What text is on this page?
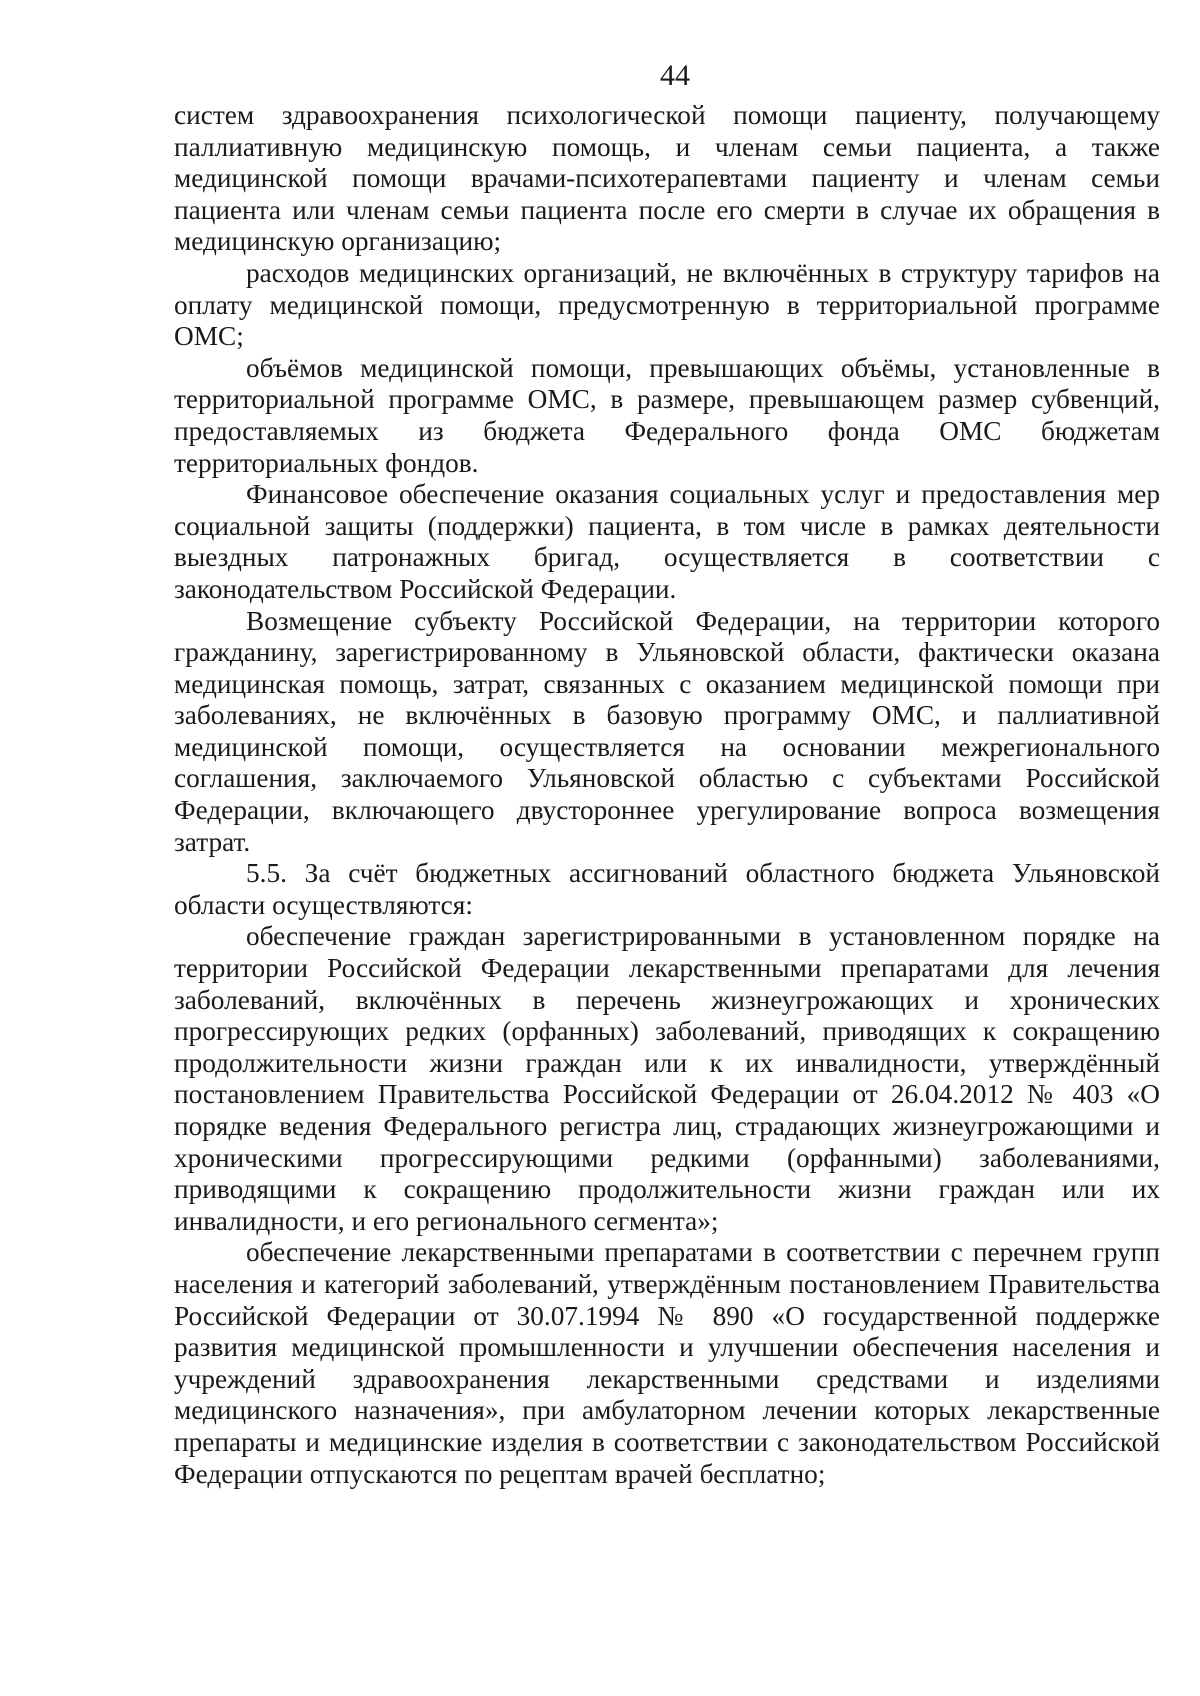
44

систем здравоохранения психологической помощи пациенту, получающему паллиативную медицинскую помощь, и членам семьи пациента, а также медицинской помощи врачами-психотерапевтами пациенту и членам семьи пациента или членам семьи пациента после его смерти в случае их обращения в медицинскую организацию;

расходов медицинских организаций, не включённых в структуру тарифов на оплату медицинской помощи, предусмотренную в территориальной программе ОМС;

объёмов медицинской помощи, превышающих объёмы, установленные в территориальной программе ОМС, в размере, превышающем размер субвенций, предоставляемых из бюджета Федерального фонда ОМС бюджетам территориальных фондов.

Финансовое обеспечение оказания социальных услуг и предоставления мер социальной защиты (поддержки) пациента, в том числе в рамках деятельности выездных патронажных бригад, осуществляется в соответствии с законодательством Российской Федерации.

Возмещение субъекту Российской Федерации, на территории которого гражданину, зарегистрированному в Ульяновской области, фактически оказана медицинская помощь, затрат, связанных с оказанием медицинской помощи при заболеваниях, не включённых в базовую программу ОМС, и паллиативной медицинской помощи, осуществляется на основании межрегионального соглашения, заключаемого Ульяновской областью с субъектами Российской Федерации, включающего двустороннее урегулирование вопроса возмещения затрат.

5.5. За счёт бюджетных ассигнований областного бюджета Ульяновской области осуществляются:

обеспечение граждан зарегистрированными в установленном порядке на территории Российской Федерации лекарственными препаратами для лечения заболеваний, включённых в перечень жизнеугрожающих и хронических прогрессирующих редких (орфанных) заболеваний, приводящих к сокращению продолжительности жизни граждан или к их инвалидности, утверждённый постановлением Правительства Российской Федерации от 26.04.2012 № 403 «О порядке ведения Федерального регистра лиц, страдающих жизнеугрожающими и хроническими прогрессирующими редкими (орфанными) заболеваниями, приводящими к сокращению продолжительности жизни граждан или их инвалидности, и его регионального сегмента»;

обеспечение лекарственными препаратами в соответствии с перечнем групп населения и категорий заболеваний, утверждённым постановлением Правительства Российской Федерации от 30.07.1994 № 890 «О государственной поддержке развития медицинской промышленности и улучшении обеспечения населения и учреждений здравоохранения лекарственными средствами и изделиями медицинского назначения», при амбулаторном лечении которых лекарственные препараты и медицинские изделия в соответствии с законодательством Российской Федерации отпускаются по рецептам врачей бесплатно;
